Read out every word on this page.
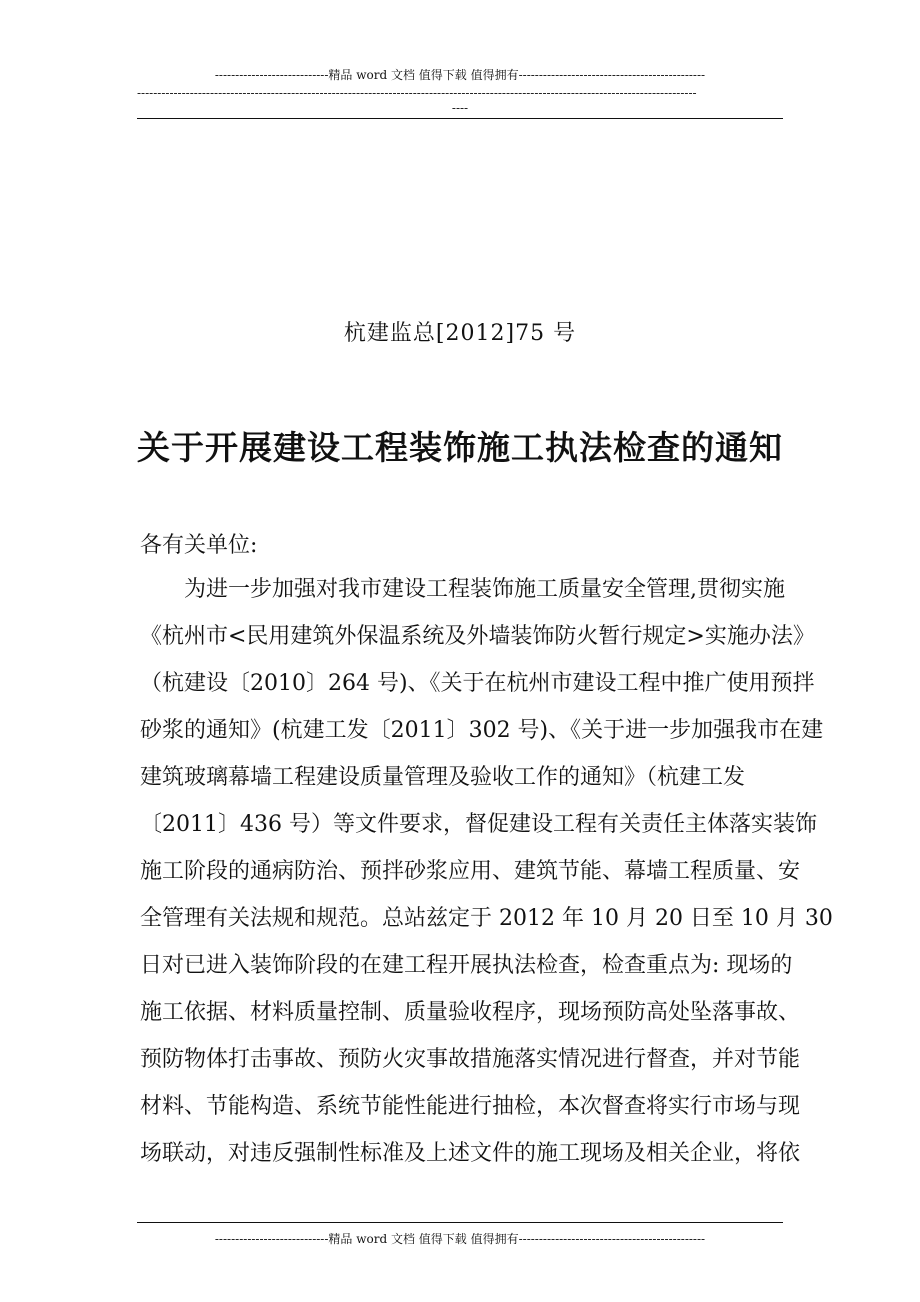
----------------------------精品 word 文档 值得下载 值得拥有----------------------------------------------
------------------------------------------------------------------------------------------------------------------------------------------
----
杭建监总[2012]75 号
关于开展建设工程装饰施工执法检查的通知
各有关单位:
为进一步加强对我市建设工程装饰施工质量安全管理,贯彻实施
《杭州市<民用建筑外保温系统及外墙装饰防火暂行规定>实施办法》
（杭建设〔2010〕264 号)、《关于在杭州市建设工程中推广使用预拌
砂浆的通知》(杭建工发〔2011〕302 号)、《关于进一步加强我市在建
建筑玻璃幕墙工程建设质量管理及验收工作的通知》（杭建工发
〔2011〕436 号）等文件要求，督促建设工程有关责任主体落实装饰
施工阶段的通病防治、预拌砂浆应用、建筑节能、幕墙工程质量、安
全管理有关法规和规范。总站兹定于 2012 年 10 月 20 日至 10 月 30
日对已进入装饰阶段的在建工程开展执法检查，检查重点为: 现场的
施工依据、材料质量控制、质量验收程序，现场预防高处坠落事故、
预防物体打击事故、预防火灾事故措施落实情况进行督查，并对节能
材料、节能构造、系统节能性能进行抽检，本次督查将实行市场与现
场联动，对违反强制性标准及上述文件的施工现场及相关企业，将依
----------------------------精品 word 文档 值得下载 值得拥有----------------------------------------------
